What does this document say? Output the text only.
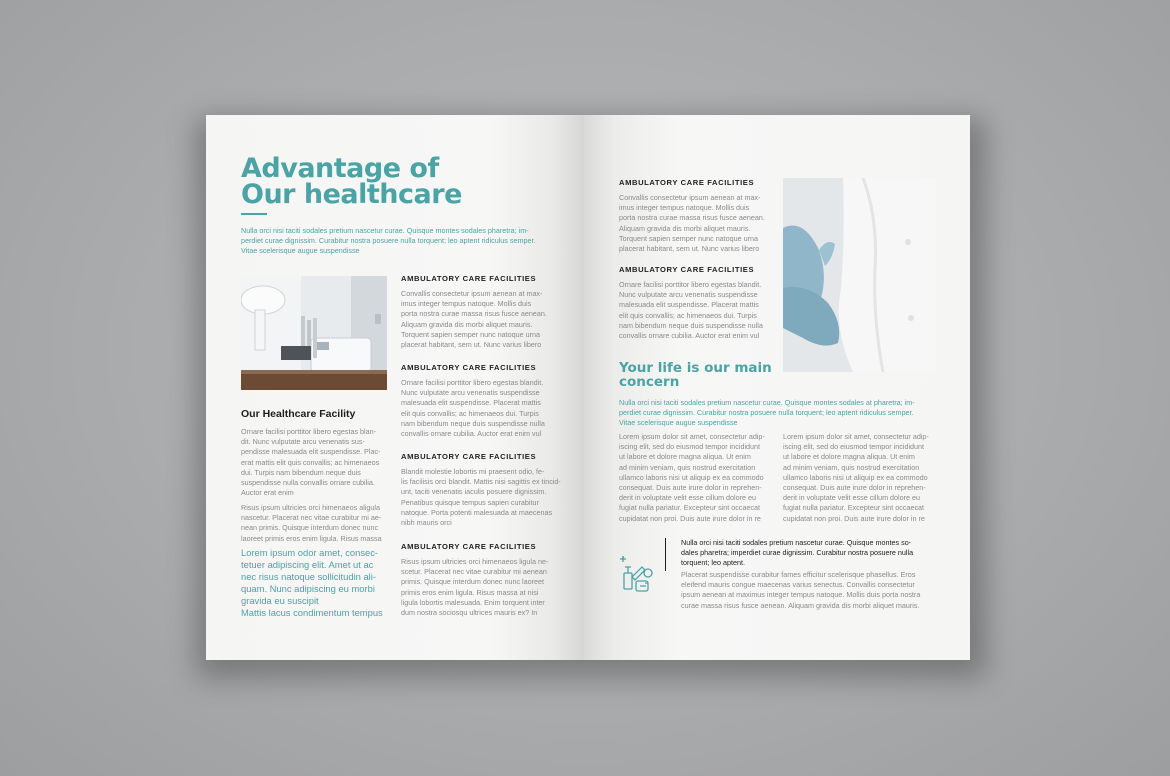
Advantage of
Our healthcare
Nulla orci nisi taciti sodales pretium nascetur curae. Quisque montes sodales pharetra; im-
perdiet curae dignissim. Curabitur nostra posuere nulla torquent; leo aptent ridiculus semper.
Vitae scelerisque augue suspendisse
Our Healthcare Facility
Ornare facilisi porttitor libero egestas blan-
dit. Nunc vulputate arcu venenatis sus-
pendisse malesuada elit suspendisse. Plac-
erat mattis elit quis convallis; ac himenaeos
dui. Turpis nam bibendum neque duis
suspendisse nulla convallis ornare cubilia.
Auctor erat enim
Risus ipsum ultricies orci himenaeos aligula
nascetur. Placerat nec vitae curabitur mi ae-
nean primis. Quisque interdum donec nunc
laoreet primis eros enim ligula. Risus massa
Lorem ipsum odor amet, consec-
tetuer adipiscing elit. Amet ut ac
nec risus natoque sollicitudin ali-
quam. Nunc adipiscing eu morbi
gravida eu suscipit
Mattis lacus condimentum tempus
AMBULATORY CARE FACILITIES
Convallis consectetur ipsum aenean at max-
imus integer tempus natoque. Mollis duis
porta nostra curae massa risus fusce aenean.
Aliquam gravida dis morbi aliquet mauris.
Torquent sapien semper nunc natoque urna
placerat habitant, sem ut. Nunc varius libero
AMBULATORY CARE FACILITIES
Ornare facilisi porttitor libero egestas blandit.
Nunc vulputate arcu venenatis suspendisse
malesuada elit suspendisse. Placerat mattis
elit quis convallis; ac himenaeos dui. Turpis
nam bibendum neque duis suspendisse nulla
convallis ornare cubilia. Auctor erat enim vul
AMBULATORY CARE FACILITIES
Blandit molestie lobortis mi praesent odio, fe-
lis facilisis orci blandit. Mattis nisi sagittis ex tincid-
unt, taciti venenatis iaculis posuere dignissim.
Penatibus quisque tempus sapien curabitur
natoque. Porta potenti malesuada at maecenas
nibh mauris orci
AMBULATORY CARE FACILITIES
Risus ipsum ultricies orci himenaeos ligula ne-
scetur. Placerat nec vitae curabitur mi aenean
primis. Quisque interdum donec nunc laoreet
primis eros enim ligula. Risus massa at nisi
ligula lobortis malesuada. Enim torquent inter
dum nostra sociosqu ultrices mauris ex? In
AMBULATORY CARE FACILITIES
Convallis consectetur ipsum aenean at max-
imus integer tempus natoque. Mollis duis
porta nostra curae massa risus fusce aenean.
Aliquam gravida dis morbi aliquet mauris.
Torquent sapien semper nunc natoque urna
placerat habitant, sem ut. Nunc varius libero
AMBULATORY CARE FACILITIES
Ornare facilisi porttitor libero egestas blandit.
Nunc vulputate arcu venenatis suspendisse
malesuada elit suspendisse. Placerat mattis
elit quis convallis; ac himenaeos dui. Turpis
nam bibendum neque duis suspendisse nulla
convallis ornare cubilia. Auctor erat enim vul
Your life is our main
concern
Nulla orci nisi taciti sodales pretium nascetur curae. Quisque montes sodales at pharetra; im-
perdiet curae dignissim. Curabitur nostra posuere nulla torquent; leo aptent ridiculus semper.
Vitae scelerisque augue suspendisse
Lorem ipsum dolor sit amet, consectetur adip-
iscing elit, sed do eiusmod tempor incididunt
ut labore et dolore magna aliqua. Ut enim
ad minim veniam, quis nostrud exercitation
ullamco laboris nisi ut aliquip ex ea commodo
consequat. Duis aute irure dolor in reprehen-
derit in voluptate velit esse cillum dolore eu
fugiat nulla pariatur. Excepteur sint occaecat
cupidatat non proi. Duis aute irure dolor in re
Lorem ipsum dolor sit amet, consectetur adip-
iscing elit, sed do eiusmod tempor incididunt
ut labore et dolore magna aliqua. Ut enim
ad minim veniam, quis nostrud exercitation
ullamco laboris nisi ut aliquip ex ea commodo
consequat. Duis aute irure dolor in reprehen-
derit in voluptate velit esse cillum dolore eu
fugiat nulla pariatur. Excepteur sint occaecat
cupidatat non proi. Duis aute irure dolor in re
Nulla orci nisi taciti sodales pretium nascetur curae. Quisque montes so-
dales pharetra; imperdiet curae dignissim. Curabitur nostra posuere nulla
torquent; leo aptent.
Placerat suspendisse curabitur fames efficitur scelerisque phasellus. Eros
eleifend mauris congue maecenas varius senectus. Convallis consectetur
ipsum aenean at maximus integer tempus natoque. Mollis duis porta nostra
curae massa risus fusce aenean. Aliquam gravida dis morbi aliquet mauris.
